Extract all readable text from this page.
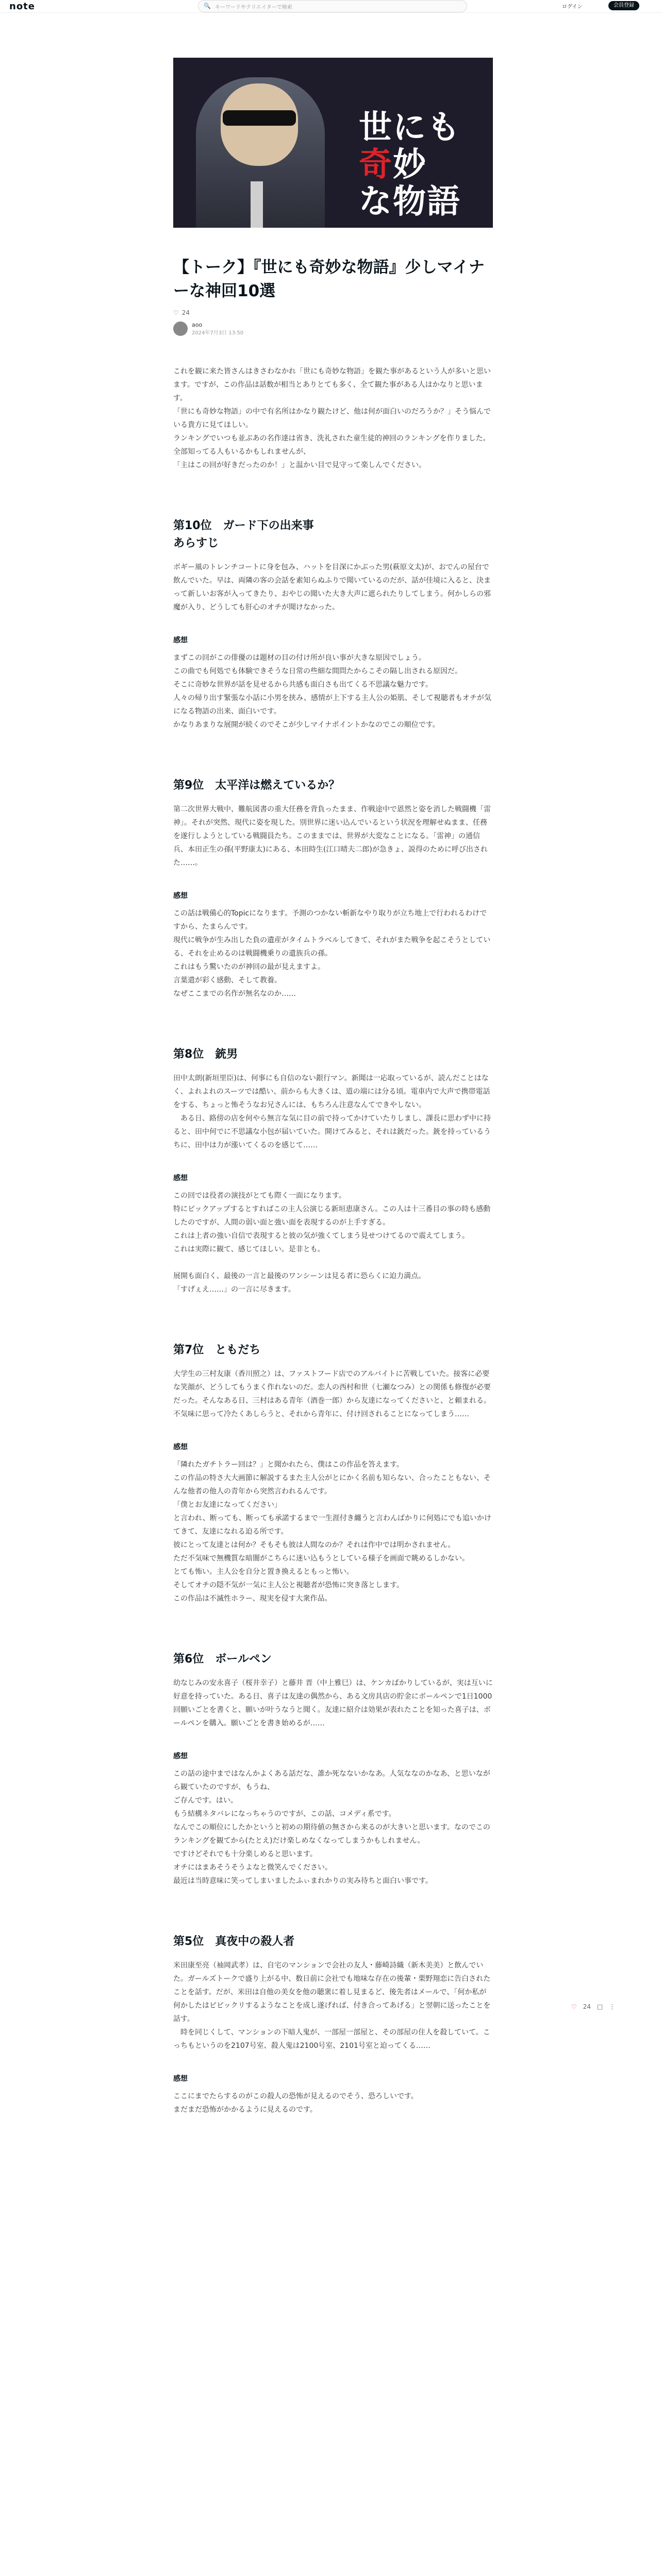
note	🔍 キーワードやクリエイターで検索	ログイン	会員登録
世にも
奇妙
な物語
【トーク】『世にも奇妙な物語』少しマイナーな神回10選
♡ 24
aoo
2024年7月3日 13:50
これを観に来た皆さんはきさわなかれ「世にも奇妙な物語」を観た事があるという人が多いと思います。ですが、この作品は話数が相当とありとても多く、全て観た事がある人はかなりと思います。
「世にも奇妙な物語」の中で有名所はかなり観たけど、他は何が面白いのだろうか？」そう悩んでいる貴方に見てほしい。
ランキングでいつも並ぶあの名作達は省き、洗礼された童生徒的神回のランキングを作りました。
全部知ってる人もいるかもしれませんが、
「主はこの回が好きだったのか！」と温かい目で見守って楽しんでください。
第10位　ガード下の出来事
あらすじ
ボギー風のトレンチコートに身を包み、ハットを目深にかぶった男(萩原文太)が、おでんの屋台で飲んでいた。早は、両隣の客の会話を素知らぬふりで聞いているのだが、話が佳境に入ると、決まって新しいお客が入ってきたり、おやじの聞いた大き大声に遮られたりしてしまう。何かしらの邪魔が入り、どうしても肝心のオチが聞けなかった。
感想
まずこの回がこの俳優のは題材の目の付け所が良い事が大きな原因でしょう。
この曲でも何処でも体験できそうな日常の些細な間問たからこその隔し出される原因だ。
そこに奇妙な世界が話を見せるから共感も面白さも出てくる不思議な魅力です。
人々の帰り出す緊張な小話に小男を挟み、感情が上下する主人公の姫肌、そして視聴者もオチが気になる物語の出来、面白いです。
かなりあまりな展開が続くのでそこが少しマイナポイントかなのでこの順位です。
第9位　太平洋は燃えているか？
第二次世界大戦中、難航図書の重大任務を背負ったまま、作戦途中で恩然と姿を消した戦闘機「雷神」。それが突然、現代に姿を現した。別世界に迷い込んでいるという状況を理解せぬまま、任務を遂行しようとしている戦闘員たち。このままでは、世界が大変なことになる。「雷神」の通信兵、本田正生の孫(平野康太)にある、本田時生(江口晴夫二郎)が急きょ、説得のために呼び出された……。
感想
この話は戦備心的Topicになります。予測のつかない斬新なやり取りが立ち地上で行われるわけですから、たまらんです。
現代に戦争が生み出した負の遺産がタイムトラベルしてきて、それがまた戦争を起こそうとしている、それを止めるのは戦闘機乗りの遺族兵の孫。
これはもう驚いたのが神回の最が見えますよ。
言葉遣が彩く感動、そして教養。
なぜここまでの名作が無名なのか……
第8位　銃男
田中太朗(新垣里臣)は、何事にも自信のない銀行マン。新聞は一応取っているが、読んだことはなく、よれよれのスーツでは酷い、前からも大きくは、道の端には分る頃。電車内で大声で携帯電話をする、ちょっと怖そうなお兄さんには、もちろん注意なんてできやしない。
　ある日、路傍の店を何やら無言な気に目の前で持ってかけていたりしまし、課長に思わず中に持ると、田中何でに不思議な小包が届いていた。開けてみると、それは銃だった。銃を持っているうちに、田中は力が漲いてくるのを感じて……
感想
この回では役者の演技がとても際く一面になります。
特にピックアップするとすればこの主人公演じる新垣恵康さん。この人は十三番目の事の時も感動したのですが、人間の弱い面と強い面を表現するのが上手すぎる。
これは上者の強い自信で表現すると彼の気が強くてしまう見せつけてるので震えてしまう。
これは実際に観て、感じてほしい。是非とも。

展開も面白く、最後の一言と最後のワンシーンは見る者に恐らくに迫力満点。
「すげぇえ……」の一言に尽きます。
第7位　ともだち
大学生の三村友康（香川照之）は、ファストフード店でのアルバイトに苦戦していた。接客に必要な笑顔が、どうしてもうまく作れないのだ。恋人の西村和世（七瀬なつみ）との関係も修復が必要だった。そんなある日、三村はある青年（酒巻一郎）から友達になってくださいと、と頼まれる。不気味に思って冷たくあしらうと、それから青年に、付け回されることになってしまう……
感想
「隣れたガチトラー回は？」と聞かれたら、僕はこの作品を答えます。
この作品の特さ大大画節に解説するまた主人公がとにかく名前も知らない、合ったこともない、そんな他者の他人の青年から突然言われるんです。
「僕とお友達になってください」
と言われ、断っても、断っても承諾するまで一生涯付き纏うと言わんばかりに何処にでも追いかけてきて、友達になれる迫る所です。
彼にとって友達とは何か？そもそも彼は人間なのか？それは作中では明かされません。
ただ不気味で無機質な暗闇がこちらに迷い込もうとしている様子を画面で眺めるしかない。
とても怖い。主人公を自分と置き換えるともっと怖い。
そしてオチの隠不気が一気に主人公と視聴者が恐怖に突き落とします。
この作品は不滅性ホラー、現実を侵す大衆作品。
第6位　ボールペン
幼なじみの安永喜子（桜井幸子）と藤井 晋（中上雅巳）は、ケンカばかりしているが、実は互いに好意を持っていた。ある日、喜子は友達の偶然から、ある文房具店の貯金にボールペンで1日1000回願いごとを書くと、願いが叶うなうと聞く。友達に紹介は効果が表れたことを知った喜子は、ボールペンを購入。願いごとを書き始めるが……
感想
この話の途中まではなんかよくある話だな、誰か死なないかなあ。人気ななのかなあ、と思いながら観ていたのですが、もうね、
ご存んです。はい。
もう結構ネタバレになっちゃうのですが、この話、コメディ系です。
なんでこの順位にしたかというと初めの期待値の無さから来るのが大きいと思います。なのでこのランキングを観てから(たとえ)だけ楽しめなくなってしまうかもしれません。
ですけどそれでも十分楽しめると思います。
オチにはまあそうそうよなと微笑んでください。
最近は当時意味に笑ってしまいましたふぃまれかりの実み待ちと面白い事です。
第5位　真夜中の殺人者
米田康至亮（袖岡武孝）は、自宅のマンションで会社の友人・藤崎詩織（新木美美）と飲んでいた。ガールズトークで盛り上がる中、数日前に会社でも地味な存在の後輩・栗野翔恋に告白されたことを話す。だが、米田は自他の美女を他の聴衆に着し見まるど、後先者はメールで、「何か私が何かしたはピピックリするようなことを成し遂げれば、付き合ってあげる」と翌朝に送ったことを話す。
　時を同じくして、マンションの下暗人鬼が、一部屋一部屋と、その部屋の住人を殺していて。こっちもというのを2107号室、殺人鬼は2100号室、2101号室と迫ってくる……
感想
ここにまでたらするのがこの殺人の恐怖が見えるのでそう、恐ろしいです。
まだまだ恐怖がかかるように見えるのです。
♡ 24 □ ⋮
